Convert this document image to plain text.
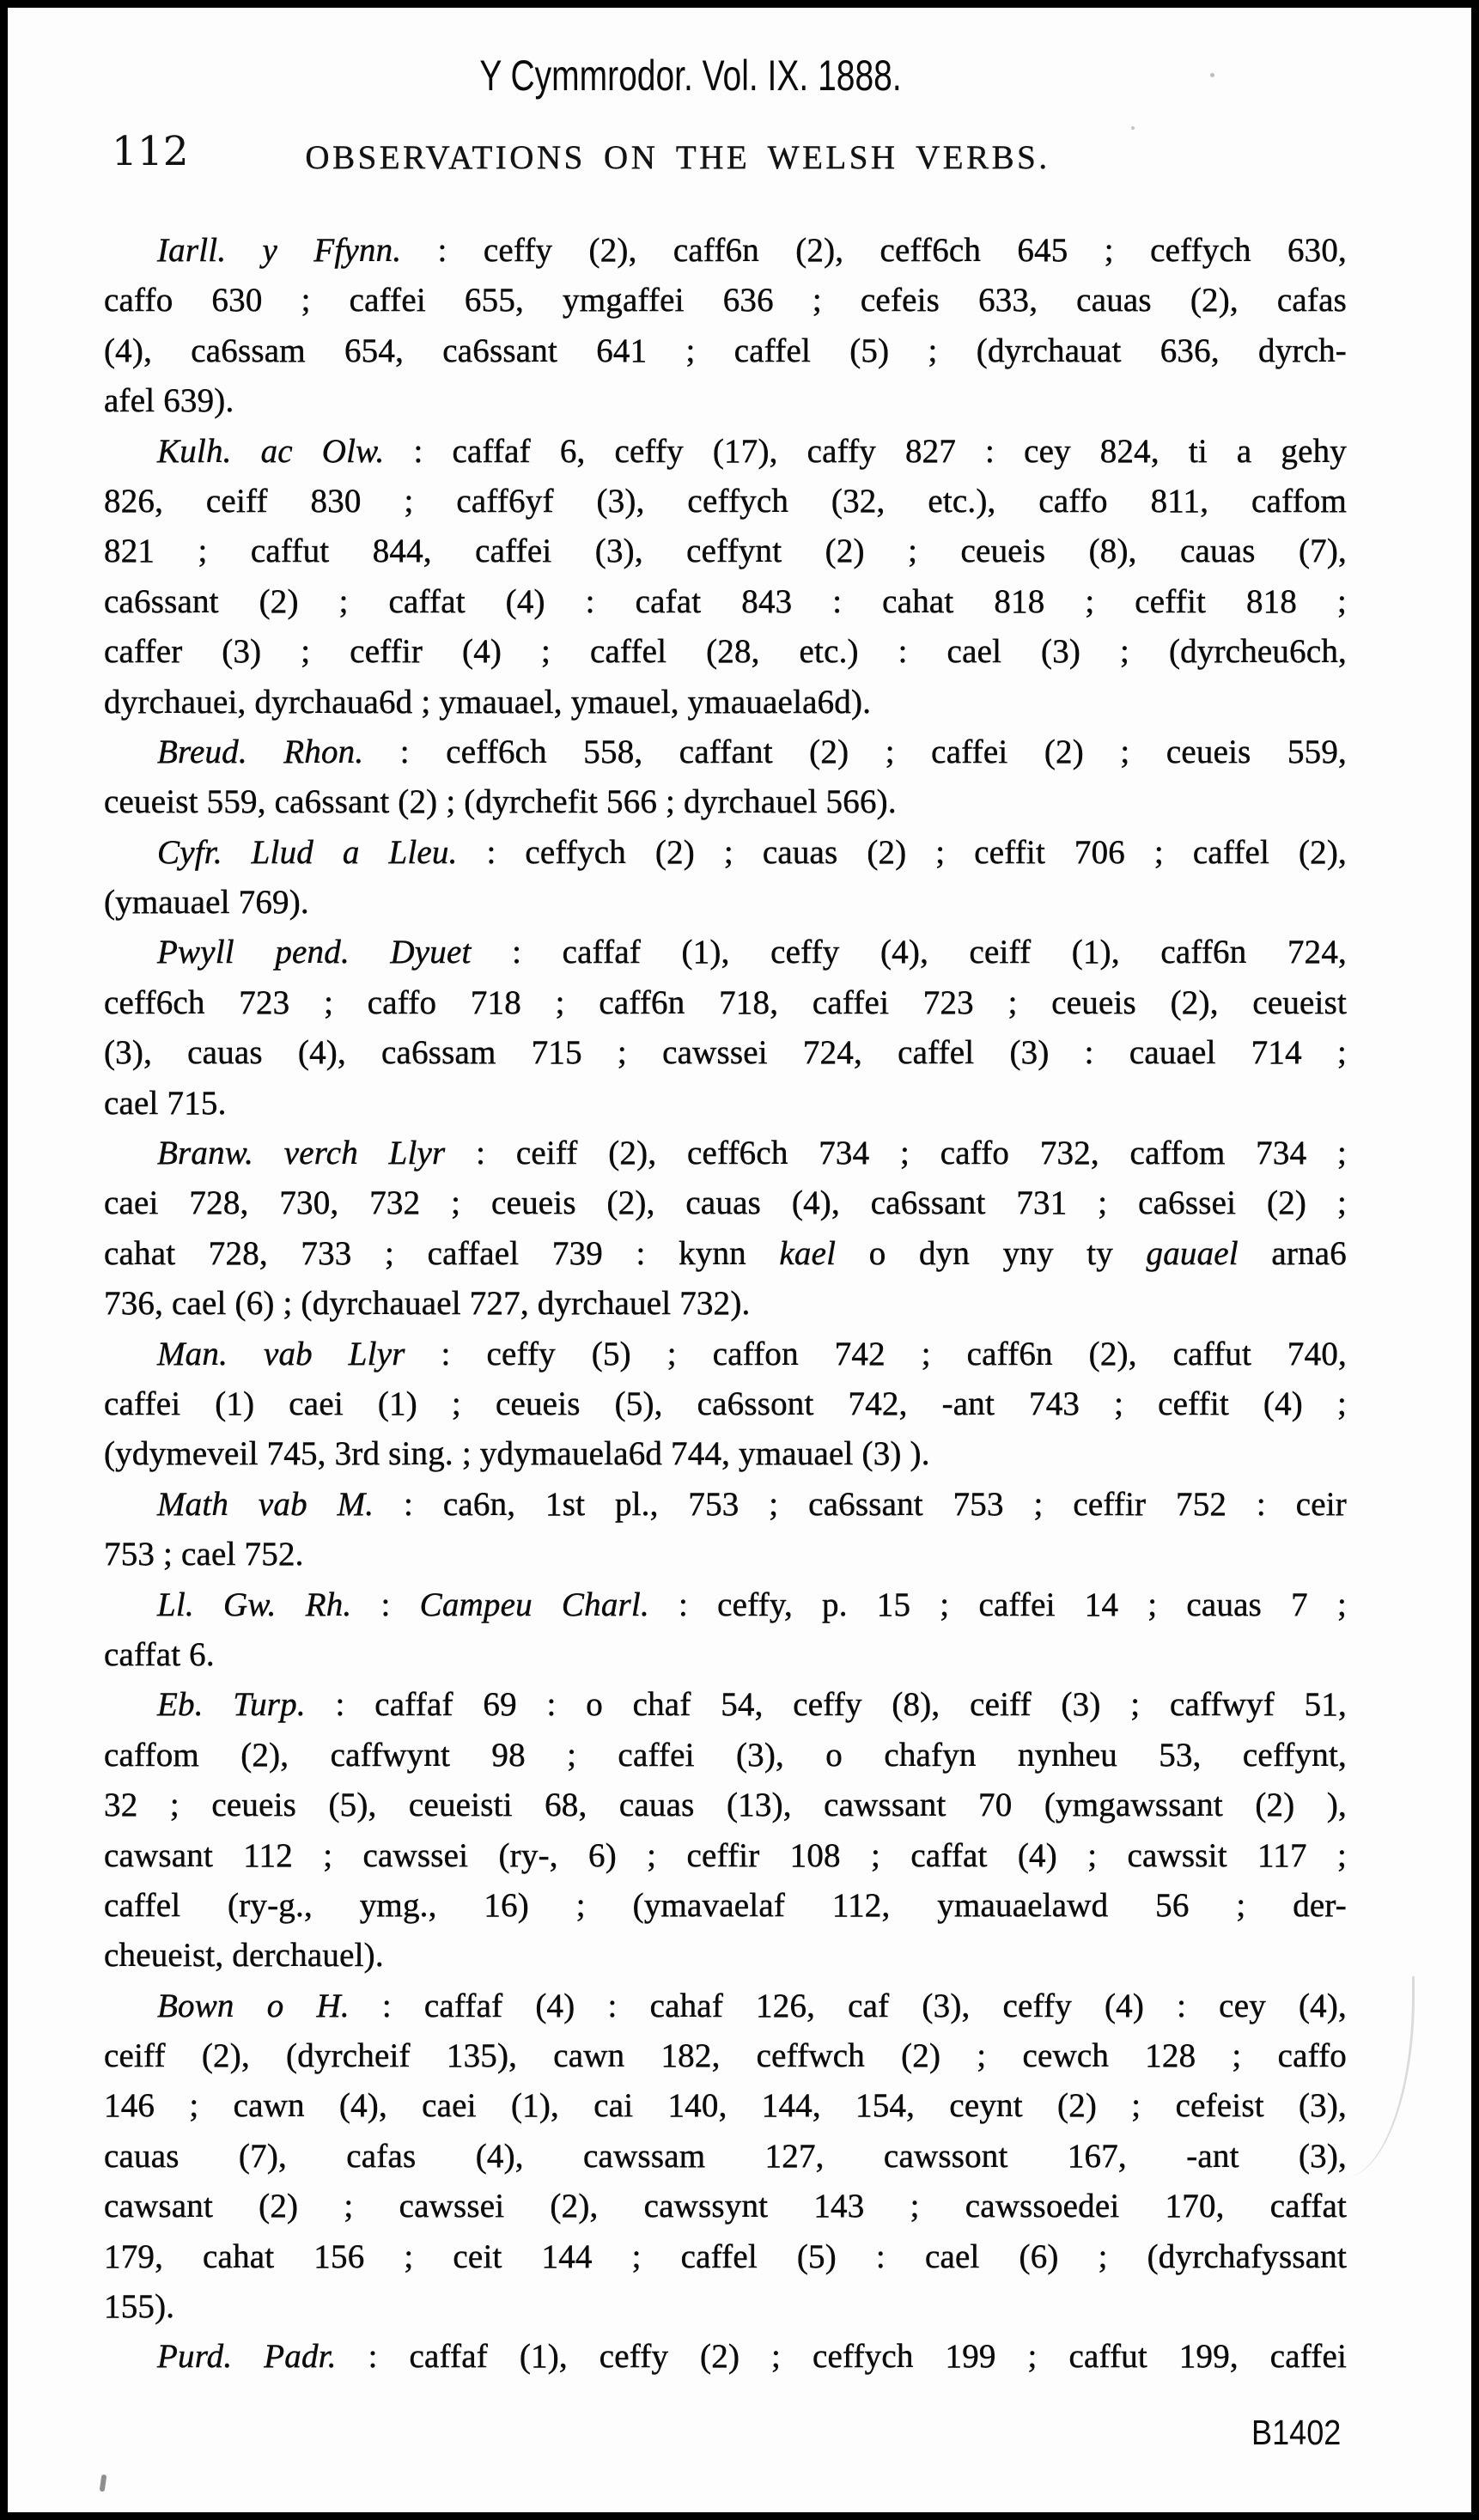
Y Cymmrodor. Vol. IX. 1888.
112	OBSERVATIONS ON THE WELSH VERBS.
Iarll. y Ffynn. : ceffy (2), caff6n (2), ceff6ch 645 ; ceffych 630,
caffo 630 ; caffei 655, ymgaffei 636 ; cefeis 633, cauas (2), cafas
(4), ca6ssam 654, ca6ssant 641 ; caffel (5) ; (dyrchauat 636, dyrch-
afel 639).
Kulh. ac Olw. : caffaf 6, ceffy (17), caffy 827 : cey 824, ti a gehy
826, ceiff 830 ; caff6yf (3), ceffych (32, etc.), caffo 811, caffom
821 ; caffut 844, caffei (3), ceffynt (2) ; ceueis (8), cauas (7),
ca6ssant (2) ; caffat (4) : cafat 843 : cahat 818 ; ceffit 818 ;
caffer (3) ; ceffir (4) ; caffel (28, etc.) : cael (3) ; (dyrcheu6ch,
dyrchauei, dyrchaua6d ; ymauael, ymauel, ymauaela6d).
Breud. Rhon. : ceff6ch 558, caffant (2) ; caffei (2) ; ceueis 559,
ceueist 559, ca6ssant (2) ; (dyrchefit 566 ; dyrchauel 566).
Cyfr. Llud a Lleu. : ceffych (2) ; cauas (2) ; ceffit 706 ; caffel (2),
(ymauael 769).
Pwyll pend. Dyuet : caffaf (1), ceffy (4), ceiff (1), caff6n 724,
ceff6ch 723 ; caffo 718 ; caff6n 718, caffei 723 ; ceueis (2), ceueist
(3), cauas (4), ca6ssam 715 ; cawssei 724, caffel (3) : cauael 714 ;
cael 715.
Branw. verch Llyr : ceiff (2), ceff6ch 734 ; caffo 732, caffom 734 ;
caei 728, 730, 732 ; ceueis (2), cauas (4), ca6ssant 731 ; ca6ssei (2) ;
cahat 728, 733 ; caffael 739 : kynn kael o dyn yny ty gauael arna6
736, cael (6) ; (dyrchauael 727, dyrchauel 732).
Man. vab Llyr : ceffy (5) ; caffon 742 ; caff6n (2), caffut 740,
caffei (1) caei (1) ; ceueis (5), ca6ssont 742, -ant 743 ; ceffit (4) ;
(ydymeveil 745, 3rd sing. ; ydymauela6d 744, ymauael (3) ).
Math vab M. : ca6n, 1st pl., 753 ; ca6ssant 753 ; ceffir 752 : ceir
753 ; cael 752.
Ll. Gw. Rh. : Campeu Charl. : ceffy, p. 15 ; caffei 14 ; cauas 7 ;
caffat 6.
Eb. Turp. : caffaf 69 : o chaf 54, ceffy (8), ceiff (3) ; caffwyf 51,
caffom (2), caffwynt 98 ; caffei (3), o chafyn nynheu 53, ceffynt,
32 ; ceueis (5), ceueisti 68, cauas (13), cawssant 70 (ymgawssant (2) ),
cawsant 112 ; cawssei (ry-, 6) ; ceffir 108 ; caffat (4) ; cawssit 117 ;
caffel (ry-g., ymg., 16) ; (ymavaelaf 112, ymauaelawd 56 ; der-
cheueist, derchauel).
Bown o H. : caffaf (4) : cahaf 126, caf (3), ceffy (4) : cey (4),
ceiff (2), (dyrcheif 135), cawn 182, ceffwch (2) ; cewch 128 ; caffo
146 ; cawn (4), caei (1), cai 140, 144, 154, ceynt (2) ; cefeist (3),
cauas (7), cafas (4), cawssam 127, cawssont 167, -ant (3),
cawsant (2) ; cawssei (2), cawssynt 143 ; cawssoedei 170, caffat
179, cahat 156 ; ceit 144 ; caffel (5) : cael (6) ; (dyrchafyssant
155).
Purd. Padr. : caffaf (1), ceffy (2) ; ceffych 199 ; caffut 199, caffei
B1402
